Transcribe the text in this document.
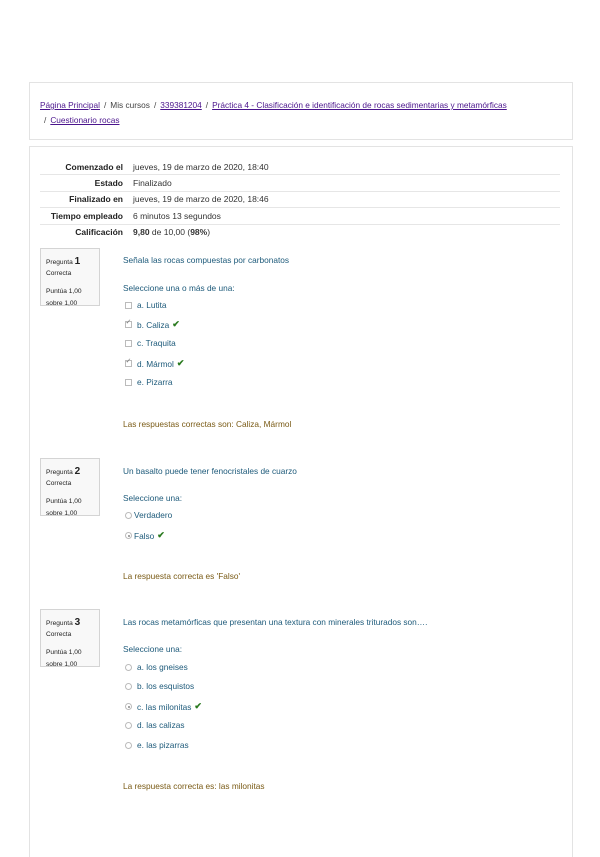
Página Principal / Mis cursos / 339381204 / Práctica 4 - Clasificación e identificación de rocas sedimentarias y metamórficas
/ Cuestionario rocas
Comenzado el	jueves, 19 de marzo de 2020, 18:40
Estado	Finalizado
Finalizado en	jueves, 19 de marzo de 2020, 18:46
Tiempo empleado	6 minutos 13 segundos
Calificación	9,80 de 10,00 (98%)
Pregunta 1
Correcta
Puntúa 1,00
sobre 1,00
Señala las rocas compuestas por carbonatos
Seleccione una o más de una:
a. Lutita
✓
b. Caliza ✔
c. Traquita
✓
d. Mármol ✔
e. Pizarra
Las respuestas correctas son: Caliza, Mármol
Pregunta 2
Correcta
Puntúa 1,00
sobre 1,00
Un basalto puede tener fenocristales de cuarzo
Seleccione una:
Verdadero
Falso ✔
La respuesta correcta es 'Falso'
Pregunta 3
Correcta
Puntúa 1,00
sobre 1,00
Las rocas metamórficas que presentan una textura con minerales triturados son….
Seleccione una:
a. los gneises
b. los esquistos
c. las milonitas ✔
d. las calizas
e. las pizarras
La respuesta correcta es: las milonitas
